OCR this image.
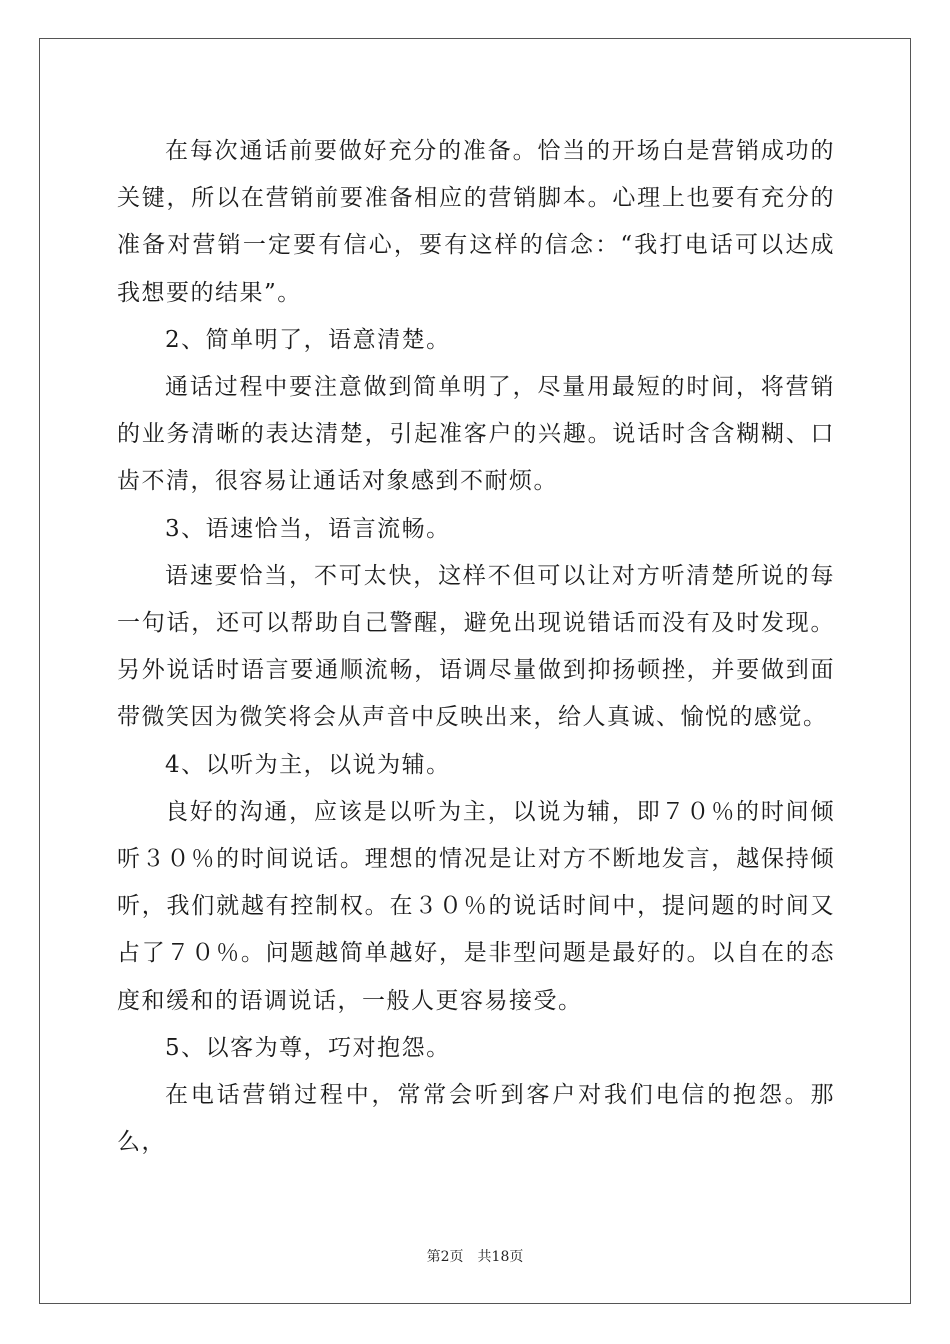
在每次通话前要做好充分的准备。恰当的开场白是营销成功的关键，所以在营销前要准备相应的营销脚本。心理上也要有充分的准备对营销一定要有信心，要有这样的信念：“我打电话可以达成我想要的结果”。

2、简单明了，语意清楚。

通话过程中要注意做到简单明了，尽量用最短的时间，将营销的业务清晰的表达清楚，引起准客户的兴趣。说话时含含糊糊、口齿不清，很容易让通话对象感到不耐烦。

3、语速恰当，语言流畅。

语速要恰当，不可太快，这样不但可以让对方听清楚所说的每一句话，还可以帮助自己警醒，避免出现说错话而没有及时发现。另外说话时语言要通顺流畅，语调尽量做到抑扬顿挫，并要做到面带微笑因为微笑将会从声音中反映出来，给人真诚、愉悦的感觉。

4、以听为主，以说为辅。

良好的沟通，应该是以听为主，以说为辅，即７０％的时间倾听３０％的时间说话。理想的情况是让对方不断地发言，越保持倾听，我们就越有控制权。在３０％的说话时间中，提问题的时间又占了７０％。问题越简单越好，是非型问题是最好的。以自在的态度和缓和的语调说话，一般人更容易接受。

5、以客为尊，巧对抱怨。

在电话营销过程中，常常会听到客户对我们电信的抱怨。那么，

第2页　共18页
